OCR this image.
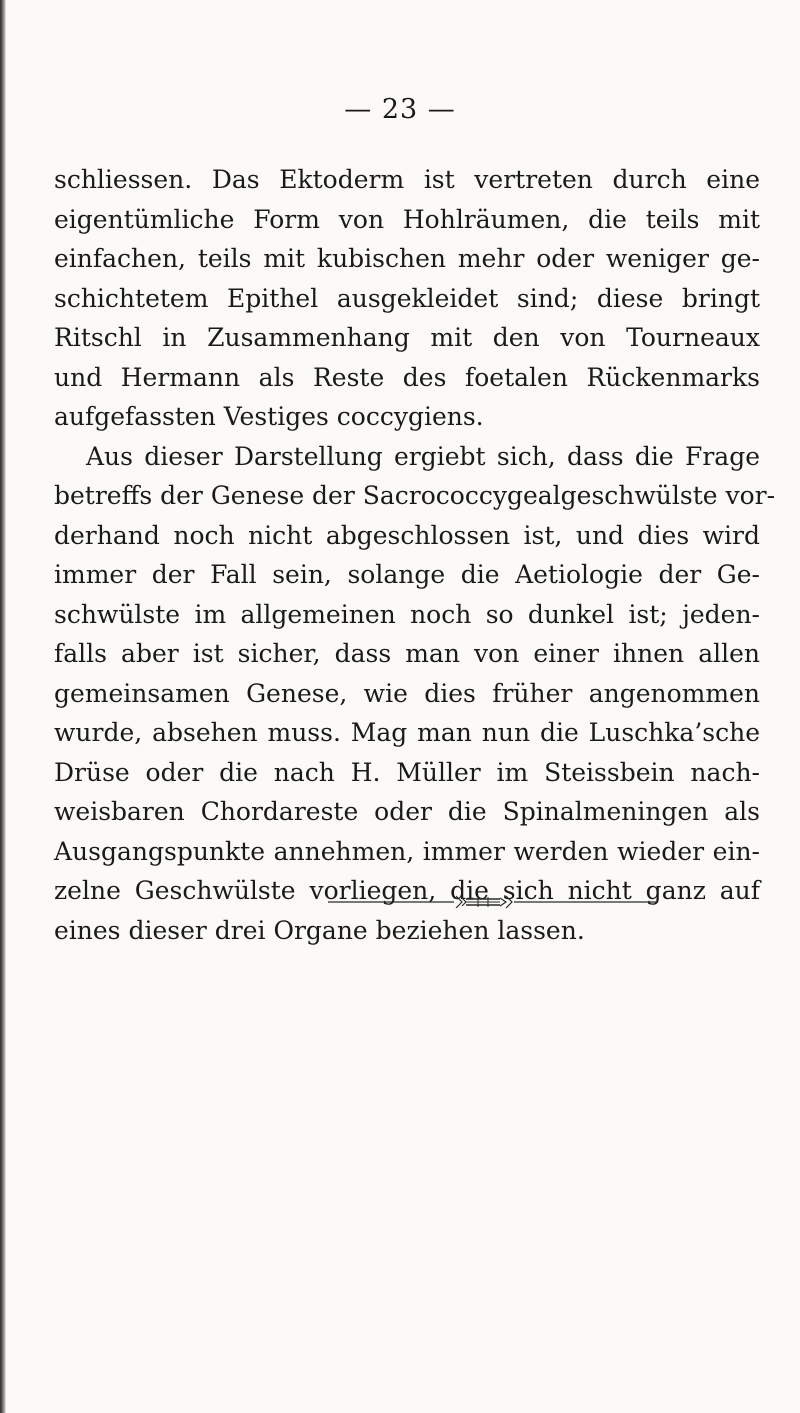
— 23 —
schliessen. Das Ektoderm ist vertreten durch eine
eigentümliche Form von Hohlräumen, die teils mit
einfachen, teils mit kubischen mehr oder weniger ge-
schichtetem Epithel ausgekleidet sind; diese bringt
Ritschl in Zusammenhang mit den von Tourneaux
und Hermann als Reste des foetalen Rückenmarks
aufgefassten Vestiges coccygiens.
Aus dieser Darstellung ergiebt sich, dass die Frage
betreffs der Genese der Sacrococcygealgeschwülste vor-
derhand noch nicht abgeschlossen ist, und dies wird
immer der Fall sein, solange die Aetiologie der Ge-
schwülste im allgemeinen noch so dunkel ist; jeden-
falls aber ist sicher, dass man von einer ihnen allen
gemeinsamen Genese, wie dies früher angenommen
wurde, absehen muss. Mag man nun die Luschka’sche
Drüse oder die nach H. Müller im Steissbein nach-
weisbaren Chordareste oder die Spinalmeningen als
Ausgangspunkte annehmen, immer werden wieder ein-
zelne Geschwülste vorliegen, die sich nicht ganz auf
eines dieser drei Organe beziehen lassen.
